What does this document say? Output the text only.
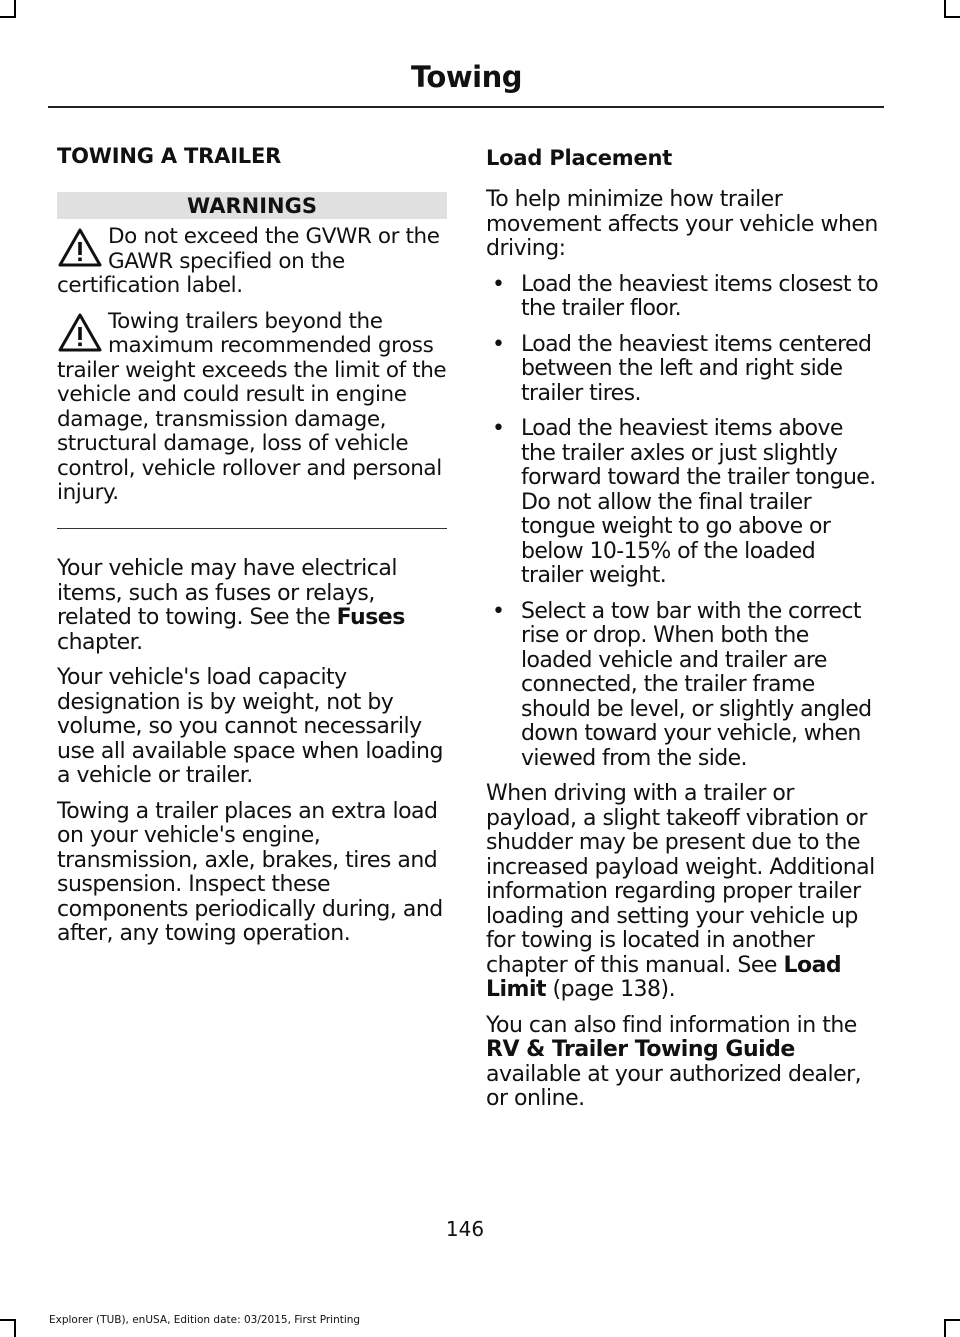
Towing
TOWING A TRAILER
WARNINGS
Do not exceed the GVWR or the GAWR specified on the certification label.
Towing trailers beyond the maximum recommended gross trailer weight exceeds the limit of the vehicle and could result in engine damage, transmission damage, structural damage, loss of vehicle control, vehicle rollover and personal injury.

Your vehicle may have electrical items, such as fuses or relays, related to towing. See the Fuses chapter.

Your vehicle's load capacity designation is by weight, not by volume, so you cannot necessarily use all available space when loading a vehicle or trailer.

Towing a trailer places an extra load on your vehicle's engine, transmission, axle, brakes, tires and suspension. Inspect these components periodically during, and after, any towing operation.

Load Placement

To help minimize how trailer movement affects your vehicle when driving:

• Load the heaviest items closest to the trailer floor.
• Load the heaviest items centered between the left and right side trailer tires.
• Load the heaviest items above the trailer axles or just slightly forward toward the trailer tongue. Do not allow the final trailer tongue weight to go above or below 10-15% of the loaded trailer weight.
• Select a tow bar with the correct rise or drop. When both the loaded vehicle and trailer are connected, the trailer frame should be level, or slightly angled down toward your vehicle, when viewed from the side.

When driving with a trailer or payload, a slight takeoff vibration or shudder may be present due to the increased payload weight. Additional information regarding proper trailer loading and setting your vehicle up for towing is located in another chapter of this manual. See Load Limit (page 138).

You can also find information in the RV & Trailer Towing Guide available at your authorized dealer, or online.

146
Explorer (TUB), enUSA, Edition date: 03/2015, First Printing
